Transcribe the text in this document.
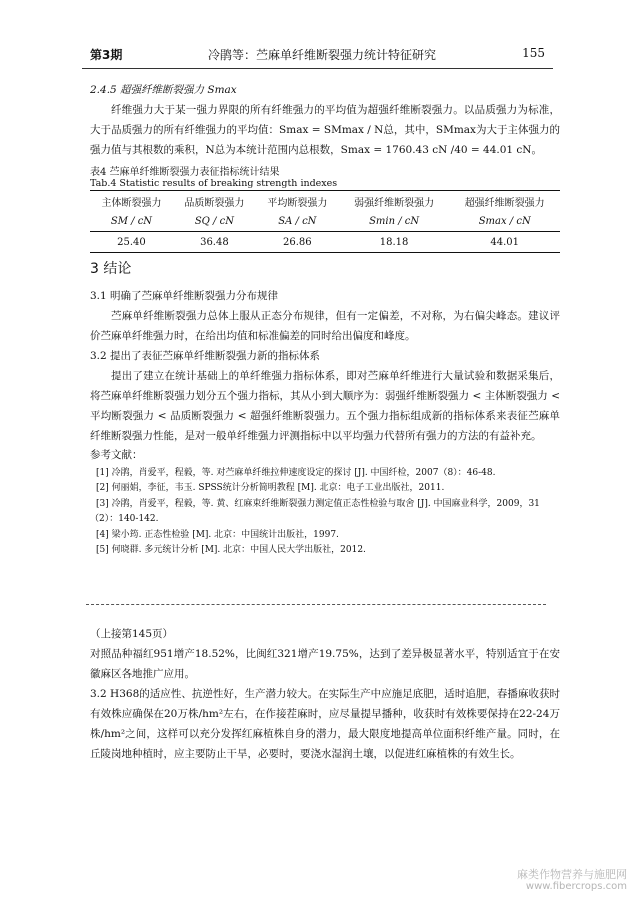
第3期	冷鹃等：苎麻单纤维断裂强力统计特征研究	155
2.4.5 超强纤维断裂强力 Smax

纤维强力大于某一强力界限的所有纤维强力的平均值为超强纤维断裂强力。以品质强力为标准，大于品质强力的所有纤维强力的平均值：Smax = SMmax / N总，其中，SMmax为大于主体强力的强力值与其根数的乘积，N总为本统计范围内总根数，Smax = 1760.43 cN /40 = 44.01 cN。

表4 苎麻单纤维断裂强力表征指标统计结果
Tab.4 Statistic results of breaking strength indexes
主体断裂强力	品质断裂强力	平均断裂强力	弱强纤维断裂强力	超强纤维断裂强力
SM / cN	SQ / cN	SA / cN	Smin / cN	Smax / cN
25.40	36.48	26.86	18.18	44.01
3 结论
3.1 明确了苎麻单纤维断裂强力分布规律

苎麻单纤维断裂强力总体上服从正态分布规律，但有一定偏差，不对称，为右偏尖峰态。建议评价苎麻单纤维强力时，在给出均值和标准偏差的同时给出偏度和峰度。

3.2 提出了表征苎麻单纤维断裂强力新的指标体系

提出了建立在统计基础上的单纤维强力指标体系，即对苎麻单纤维进行大量试验和数据采集后，将苎麻单纤维断裂强力划分五个强力指标，其从小到大顺序为：弱强纤维断裂强力 < 主体断裂强力 < 平均断裂强力 < 品质断裂强力 < 超强纤维断裂强力。五个强力指标组成新的指标体系来表征苎麻单纤维断裂强力性能，是对一般单纤维强力评测指标中以平均强力代替所有强力的方法的有益补充。

参考文献：
[1] 冷鹃，肖爱平，程毅，等. 对苎麻单纤维拉伸速度设定的探讨 [J]. 中国纤检，2007（8）：46-48.
[2] 何丽娟，李征，韦玉. SPSS统计分析简明教程 [M]. 北京：电子工业出版社，2011.
[3] 冷鹃，肖爱平，程毅，等. 黄、红麻束纤维断裂强力测定值正态性检验与取舍 [J]. 中国麻业科学，2009，31（2）：140-142.
[4] 梁小筠. 正态性检验 [M]. 北京：中国统计出版社，1997.
[5] 何晓群. 多元统计分析 [M]. 北京：中国人民大学出版社，2012.
（上接第145页）

对照品种福红951增产18.52%，比闽红321增产19.75%，达到了差异极显著水平，特别适宜于在安徽麻区各地推广应用。

3.2 H368的适应性、抗逆性好，生产潜力较大。在实际生产中应施足底肥，适时追肥，春播麻收获时有效株应确保在20万株/hm²左右，在作接茬麻时，应尽量提早播种，收获时有效株要保持在22-24万株/hm²之间，这样可以充分发挥红麻植株自身的潜力，最大限度地提高单位面积纤维产量。同时，在丘陵岗地种植时，应主要防止干旱，必要时，要浇水湿润土壤，以促进红麻植株的有效生长。

麻类作物营养与施肥网
www.fibercrops.com
